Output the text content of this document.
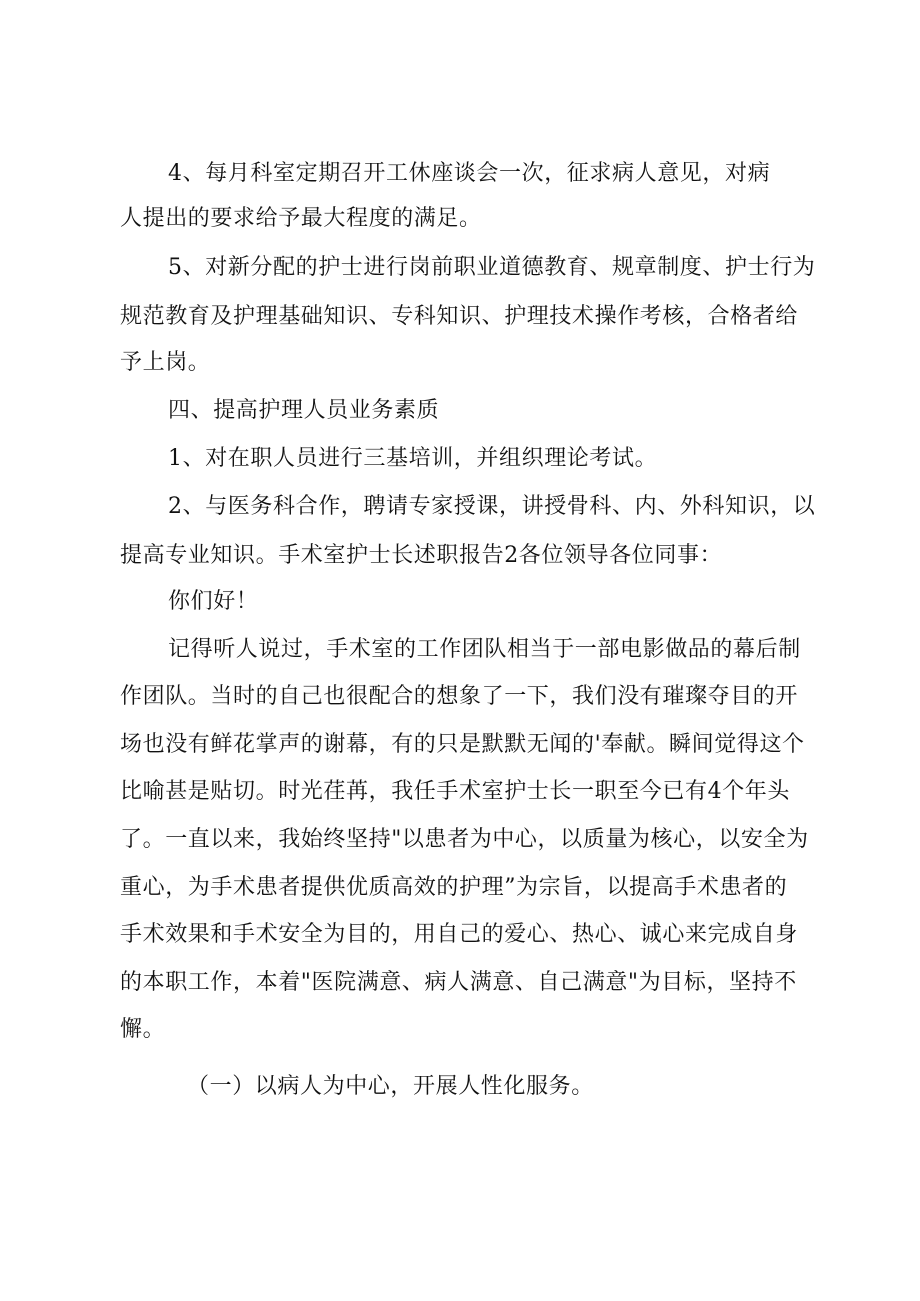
4、每月科室定期召开工休座谈会一次，征求病人意见，对病
人提出的要求给予最大程度的满足。
5、对新分配的护士进行岗前职业道德教育、规章制度、护士行为
规范教育及护理基础知识、专科知识、护理技术操作考核，合格者给
予上岗。
四、提高护理人员业务素质
1、对在职人员进行三基培训，并组织理论考试。
2、与医务科合作，聘请专家授课，讲授骨科、内、外科知识，以
提高专业知识。手术室护士长述职报告2各位领导各位同事：
你们好！
记得听人说过，手术室的工作团队相当于一部电影做品的幕后制
作团队。当时的自己也很配合的想象了一下，我们没有璀璨夺目的开
场也没有鲜花掌声的谢幕，有的只是默默无闻的'奉献。瞬间觉得这个
比喻甚是贴切。时光荏苒，我任手术室护士长一职至今已有4个年头
了。一直以来，我始终坚持"以患者为中心，以质量为核心，以安全为
重心，为手术患者提供优质高效的护理”为宗旨，以提高手术患者的
手术效果和手术安全为目的，用自己的爱心、热心、诚心来完成自身
的本职工作，本着"医院满意、病人满意、自己满意"为目标，坚持不
懈。
（一）以病人为中心，开展人性化服务。
